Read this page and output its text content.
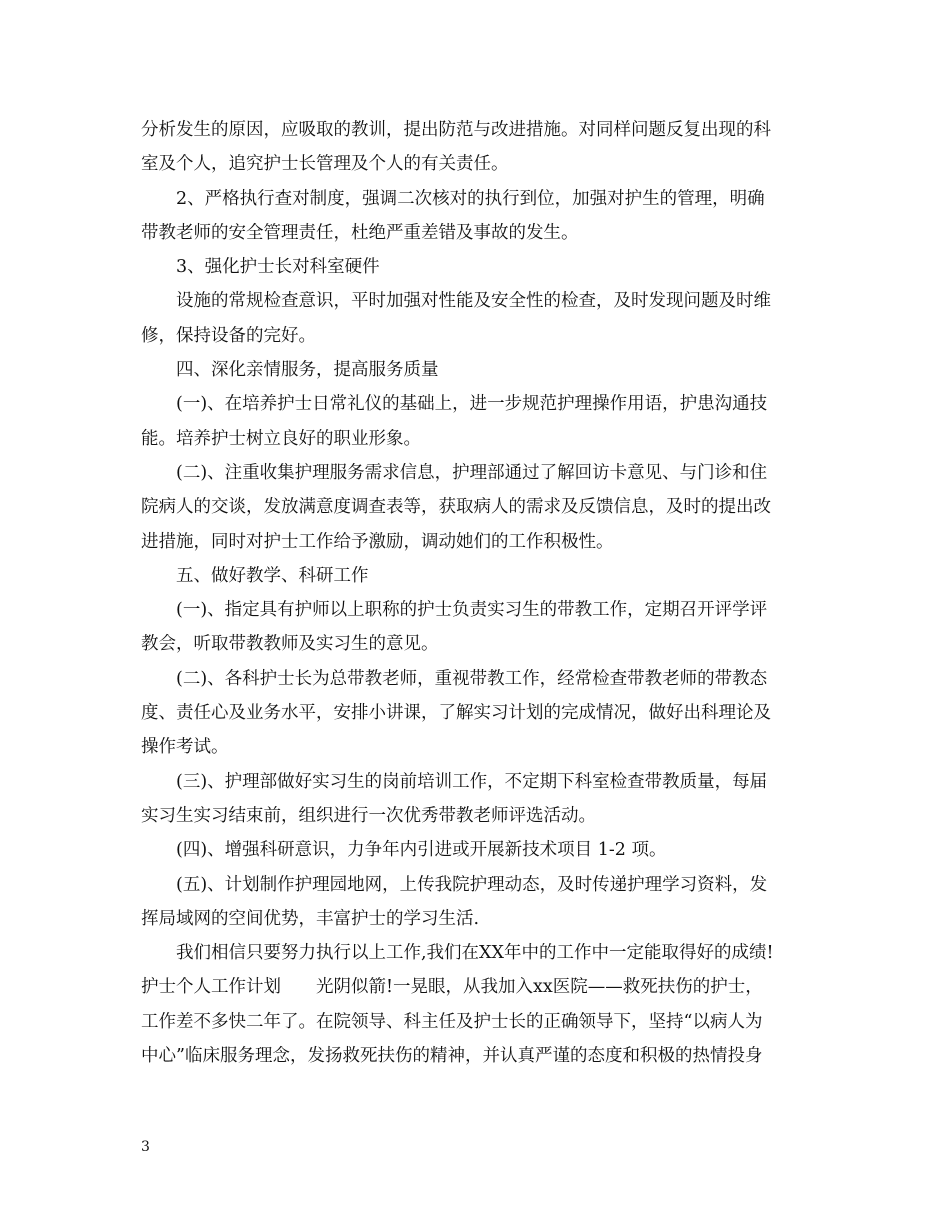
分析发生的原因，应吸取的教训，提出防范与改进措施。对同样问题反复出现的科
室及个人，追究护士长管理及个人的有关责任。
2、严格执行查对制度，强调二次核对的执行到位，加强对护生的管理，明确
带教老师的安全管理责任，杜绝严重差错及事故的发生。
3、强化护士长对科室硬件
设施的常规检查意识，平时加强对性能及安全性的检查，及时发现问题及时维
修，保持设备的完好。
四、深化亲情服务，提高服务质量
(一)、在培养护士日常礼仪的基础上，进一步规范护理操作用语，护患沟通技
能。培养护士树立良好的职业形象。
(二)、注重收集护理服务需求信息，护理部通过了解回访卡意见、与门诊和住
院病人的交谈，发放满意度调查表等，获取病人的需求及反馈信息，及时的提出改
进措施，同时对护士工作给予激励，调动她们的工作积极性。
五、做好教学、科研工作
(一)、指定具有护师以上职称的护士负责实习生的带教工作，定期召开评学评
教会，听取带教教师及实习生的意见。
(二)、各科护士长为总带教老师，重视带教工作，经常检查带教老师的带教态
度、责任心及业务水平，安排小讲课，了解实习计划的完成情况，做好出科理论及
操作考试。
(三)、护理部做好实习生的岗前培训工作，不定期下科室检查带教质量，每届
实习生实习结束前，组织进行一次优秀带教老师评选活动。
(四)、增强科研意识，力争年内引进或开展新技术项目 1-2 项。
(五)、计划制作护理园地网，上传我院护理动态，及时传递护理学习资料，发
挥局域网的空间优势，丰富护士的学习生活.
我们相信只要努力执行以上工作,我们在XX年中的工作中一定能取得好的成绩!
护士个人工作计划　　光阴似箭!一晃眼，从我加入xx医院——救死扶伤的护士，
工作差不多快二年了。在院领导、科主任及护士长的正确领导下，坚持“以病人为
中心”临床服务理念，发扬救死扶伤的精神，并认真严谨的态度和积极的热情投身
3
